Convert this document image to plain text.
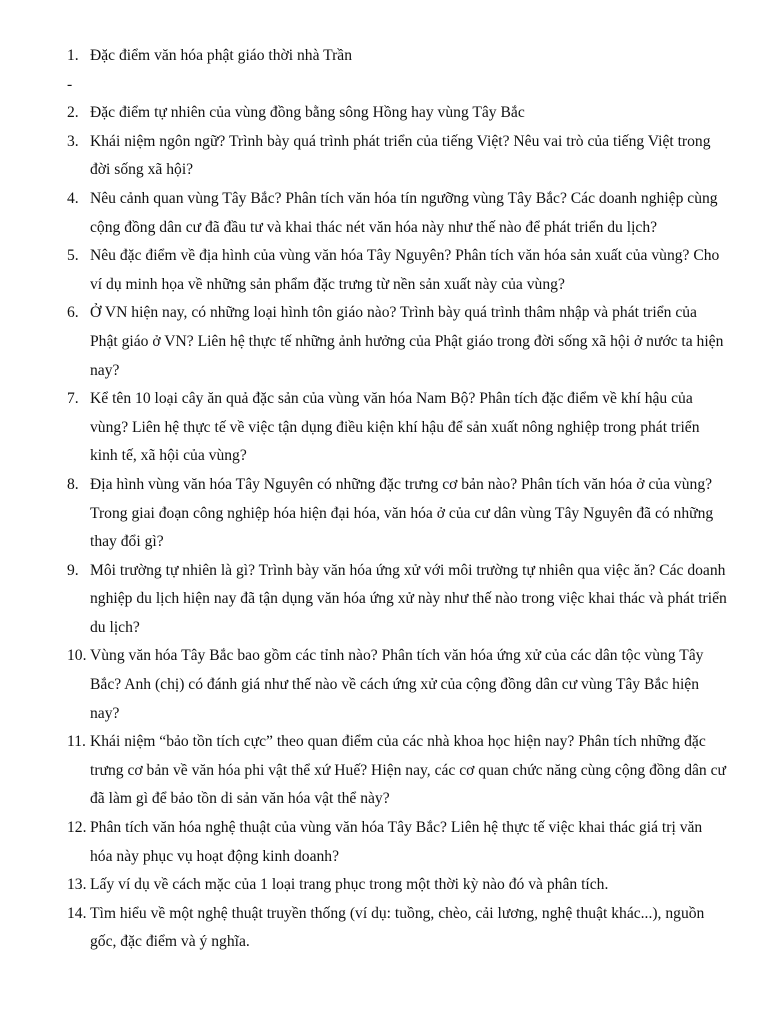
1. Đặc điểm văn hóa phật giáo thời nhà Trần
-
2. Đặc điểm tự nhiên của vùng đồng bằng sông Hồng hay vùng Tây Bắc
3. Khái niệm ngôn ngữ? Trình bày quá trình phát triển của tiếng Việt? Nêu vai trò của tiếng Việt trong đời sống xã hội?
4. Nêu cảnh quan vùng Tây Bắc? Phân tích văn hóa tín ngưỡng vùng Tây Bắc? Các doanh nghiệp cùng cộng đồng dân cư đã đầu tư và khai thác nét văn hóa này như thế nào để phát triển du lịch?
5. Nêu đặc điểm về địa hình của vùng văn hóa Tây Nguyên? Phân tích văn hóa sản xuất của vùng? Cho ví dụ minh họa về những sản phẩm đặc trưng từ nền sản xuất này của vùng?
6. Ở VN hiện nay, có những loại hình tôn giáo nào? Trình bày quá trình thâm nhập và phát triển của Phật giáo ở VN? Liên hệ thực tế những ảnh hưởng của Phật giáo trong đời sống xã hội ở nước ta hiện nay?
7. Kể tên 10 loại cây ăn quả đặc sản của vùng văn hóa Nam Bộ? Phân tích đặc điểm về khí hậu của vùng? Liên hệ thực tế về việc tận dụng điều kiện khí hậu để sản xuất nông nghiệp trong phát triển kinh tế, xã hội của vùng?
8. Địa hình vùng văn hóa Tây Nguyên có những đặc trưng cơ bản nào? Phân tích văn hóa ở của vùng? Trong giai đoạn công nghiệp hóa hiện đại hóa, văn hóa ở của cư dân vùng Tây Nguyên đã có những thay đổi gì?
9. Môi trường tự nhiên là gì? Trình bày văn hóa ứng xử với môi trường tự nhiên qua việc ăn? Các doanh nghiệp du lịch hiện nay đã tận dụng văn hóa ứng xử này như thế nào trong việc khai thác và phát triển du lịch?
10. Vùng văn hóa Tây Bắc bao gồm các tỉnh nào? Phân tích văn hóa ứng xử của các dân tộc vùng Tây Bắc? Anh (chị) có đánh giá như thế nào về cách ứng xử của cộng đồng dân cư vùng Tây Bắc hiện nay?
11. Khái niệm “bảo tồn tích cực” theo quan điểm của các nhà khoa học hiện nay? Phân tích những đặc trưng cơ bản về văn hóa phi vật thể xứ Huế? Hiện nay, các cơ quan chức năng cùng cộng đồng dân cư đã làm gì để bảo tồn di sản văn hóa vật thể này?
12. Phân tích văn hóa nghệ thuật của vùng văn hóa Tây Bắc? Liên hệ thực tế việc khai thác giá trị văn hóa này phục vụ hoạt động kinh doanh?
13. Lấy ví dụ về cách mặc của 1 loại trang phục trong một thời kỳ nào đó và phân tích.
14. Tìm hiểu về một nghệ thuật truyền thống (ví dụ: tuồng, chèo, cải lương, nghệ thuật khác...), nguồn gốc, đặc điểm và ý nghĩa.
